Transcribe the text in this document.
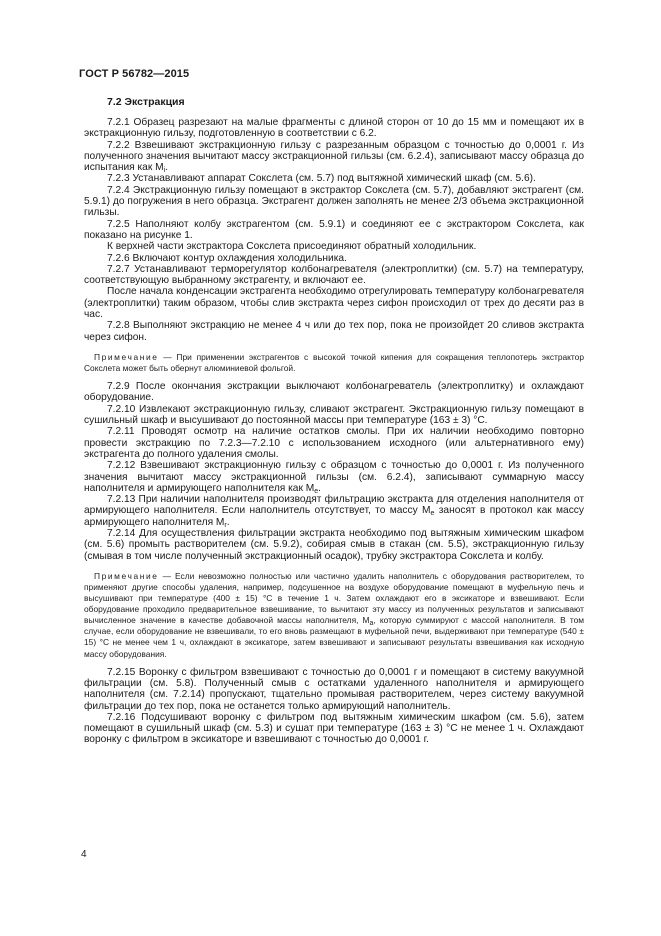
ГОСТ Р 56782—2015
7.2 Экстракция

7.2.1 Образец разрезают на малые фрагменты с длиной сторон от 10 до 15 мм и помещают их в экстракционную гильзу, подготовленную в соответствии с 6.2.

7.2.2 Взвешивают экстракционную гильзу с разрезанным образцом с точностью до 0,0001 г. Из полученного значения вычитают массу экстракционной гильзы (см. 6.2.4), записывают массу образца до испытания как $M_i$.

7.2.3 Устанавливают аппарат Сокслета (см. 5.7) под вытяжной химический шкаф (см. 5.6).

7.2.4 Экстракционную гильзу помещают в экстрактор Сокслета (см. 5.7), добавляют экстрагент (см. 5.9.1) до погружения в него образца. Экстрагент должен заполнять не менее 2/3 объема экстракционной гильзы.

7.2.5 Наполняют колбу экстрагентом (см. 5.9.1) и соединяют ее с экстрактором Сокслета, как показано на рисунке 1.

К верхней части экстрактора Сокслета присоединяют обратный холодильник.

7.2.6 Включают контур охлаждения холодильника.

7.2.7 Устанавливают терморегулятор колбонагревателя (электроплитки) (см. 5.7) на температуру, соответствующую выбранному экстрагенту, и включают ее.

После начала конденсации экстрагента необходимо отрегулировать температуру колбонагревателя (электроплитки) таким образом, чтобы слив экстракта через сифон происходил от трех до десяти раз в час.

7.2.8 Выполняют экстракцию не менее 4 ч или до тех пор, пока не произойдет 20 сливов экстракта через сифон.

Примечание — При применении экстрагентов с высокой точкой кипения для сокращения теплопотерь экстрактор Сокслета может быть обернут алюминиевой фольгой.

7.2.9 После окончания экстракции выключают колбонагреватель (электроплитку) и охлаждают оборудование.

7.2.10 Извлекают экстракционную гильзу, сливают экстрагент. Экстракционную гильзу помещают в сушильный шкаф и высушивают до постоянной массы при температуре (163 ± 3) °С.

7.2.11 Проводят осмотр на наличие остатков смолы. При их наличии необходимо повторно провести экстракцию по 7.2.3—7.2.10 с использованием исходного (или альтернативного ему) экстрагента до полного удаления смолы.

7.2.12 Взвешивают экстракционную гильзу с образцом с точностью до 0,0001 г. Из полученного значения вычитают массу экстракционной гильзы (см. 6.2.4), записывают суммарную массу наполнителя и армирующего наполнителя как $M_e$.

7.2.13 При наличии наполнителя производят фильтрацию экстракта для отделения наполнителя от армирующего наполнителя. Если наполнитель отсутствует, то массу $M_e$ заносят в протокол как массу армирующего наполнителя $M_r$.

7.2.14 Для осуществления фильтрации экстракта необходимо под вытяжным химическим шкафом (см. 5.6) промыть растворителем (см. 5.9.2), собирая смыв в стакан (см. 5.5), экстракционную гильзу (смывая в том числе полученный экстракционный осадок), трубку экстрактора Сокслета и колбу.

Примечание — Если невозможно полностью или частично удалить наполнитель с оборудования растворителем, то применяют другие способы удаления, например, подсушенное на воздухе оборудование помещают в муфельную печь и высушивают при температуре (400 ± 15) °С в течение 1 ч. Затем охлаждают его в эксикаторе и взвешивают. Если оборудование проходило предварительное взвешивание, то вычитают эту массу из полученных результатов и записывают вычисленное значение в качестве добавочной массы наполнителя, $M_a$, которую суммируют с массой наполнителя. В том случае, если оборудование не взвешивали, то его вновь размещают в муфельной печи, выдерживают при температуре (540 ± 15) °С не менее чем 1 ч, охлаждают в эксикаторе, затем взвешивают и записывают результаты взвешивания как исходную массу оборудования.

7.2.15 Воронку с фильтром взвешивают с точностью до 0,0001 г и помещают в систему вакуумной фильтрации (см. 5.8). Полученный смыв с остатками удаленного наполнителя и армирующего наполнителя (см. 7.2.14) пропускают, тщательно промывая растворителем, через систему вакуумной фильтрации до тех пор, пока не останется только армирующий наполнитель.

7.2.16 Подсушивают воронку с фильтром под вытяжным химическим шкафом (см. 5.6), затем помещают в сушильный шкаф (см. 5.3) и сушат при температуре (163 ± 3) °С не менее 1 ч. Охлаждают воронку с фильтром в эксикаторе и взвешивают с точностью до 0,0001 г.

4
